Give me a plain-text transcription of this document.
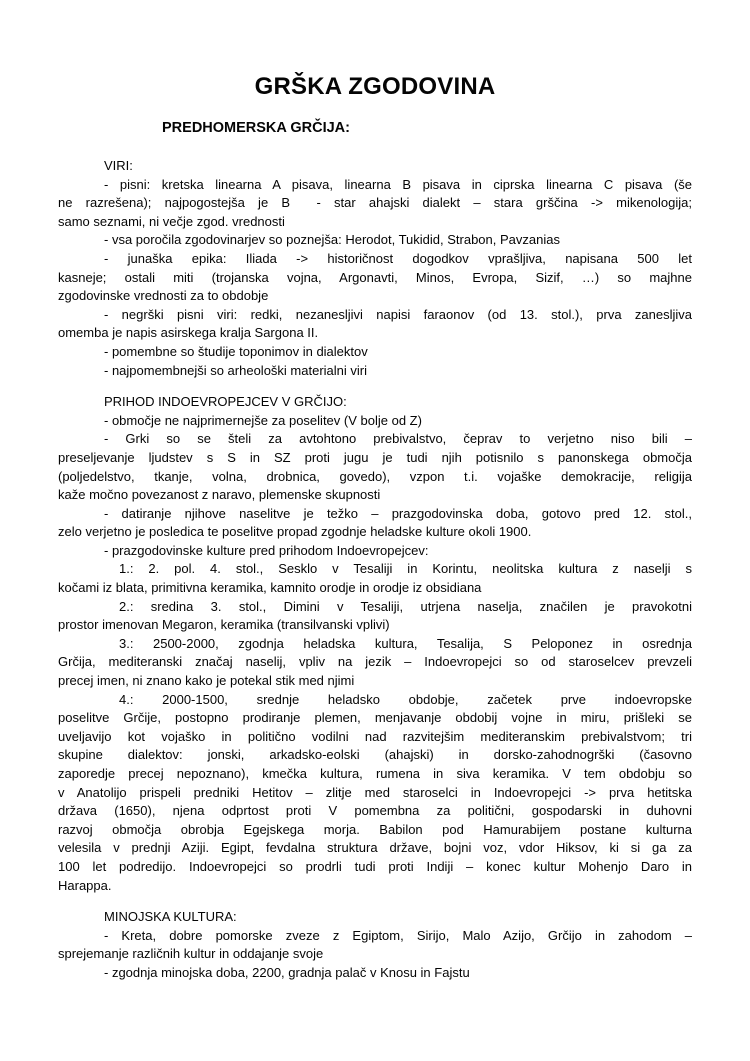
GRŠKA ZGODOVINA
PREDHOMERSKA GRČIJA:
VIRI:
- pisni: kretska linearna A pisava, linearna B pisava in ciprska linearna C pisava (še
ne razrešena); najpogostejša je B  - star ahajski dialekt – stara grščina -> mikenologija;
samo seznami, ni večje zgod. vrednosti
- vsa poročila zgodovinarjev so poznejša: Herodot, Tukidid, Strabon, Pavzanias
- junaška epika: Iliada -> historičnost dogodkov vprašljiva, napisana 500 let
kasneje; ostali miti (trojanska vojna, Argonavti, Minos, Evropa, Sizif, …) so majhne
zgodovinske vrednosti za to obdobje
- negrški pisni viri: redki, nezanesljivi napisi faraonov (od 13. stol.), prva zanesljiva
omemba je napis asirskega kralja Sargona II.
- pomembne so študije toponimov in dialektov
- najpomembnejši so arheološki materialni viri
PRIHOD INDOEVROPEJCEV V GRČIJO:
- območje ne najprimernejše za poselitev (V bolje od Z)
- Grki so se šteli za avtohtono prebivalstvo, čeprav to verjetno niso bili –
preseljevanje ljudstev s S in SZ proti jugu je tudi njih potisnilo s panonskega območja
(poljedelstvo, tkanje, volna, drobnica, govedo), vzpon t.i. vojaške demokracije, religija
kaže močno povezanost z naravo, plemenske skupnosti
- datiranje njihove naselitve je težko – prazgodovinska doba, gotovo pred 12. stol.,
zelo verjetno je posledica te poselitve propad zgodnje heladske kulture okoli 1900.
- prazgodovinske kulture pred prihodom Indoevropejcev:
1.: 2. pol. 4. stol., Sesklo v Tesaliji in Korintu, neolitska kultura z naselji s
kočami iz blata, primitivna keramika, kamnito orodje in orodje iz obsidiana
2.: sredina 3. stol., Dimini v Tesaliji, utrjena naselja, značilen je pravokotni
prostor imenovan Megaron, keramika (transilvanski vplivi)
3.: 2500-2000, zgodnja heladska kultura, Tesalija, S Peloponez in osrednja
Grčija, mediteranski značaj naselij, vpliv na jezik – Indoevropejci so od staroselcev prevzeli
precej imen, ni znano kako je potekal stik med njimi
4.: 2000-1500, srednje heladsko obdobje, začetek prve indoevropske
poselitve Grčije, postopno prodiranje plemen, menjavanje obdobij vojne in miru, prišleki se
uveljavijo kot vojaško in politično vodilni nad razvitejšim mediteranskim prebivalstvom; tri
skupine dialektov: jonski, arkadsko-eolski (ahajski) in dorsko-zahodnogrški (časovno
zaporedje precej nepoznano), kmečka kultura, rumena in siva keramika. V tem obdobju so
v Anatolijo prispeli predniki Hetitov – zlitje med staroselci in Indoevropejci -> prva hetitska
država (1650), njena odprtost proti V pomembna za politični, gospodarski in duhovni
razvoj območja obrobja Egejskega morja. Babilon pod Hamurabijem postane kulturna
velesila v prednji Aziji. Egipt, fevdalna struktura države, bojni voz, vdor Hiksov, ki si ga za
100 let podredijo. Indoevropejci so prodrli tudi proti Indiji – konec kultur Mohenjo Daro in
Harappa.
MINOJSKA KULTURA:
- Kreta, dobre pomorske zveze z Egiptom, Sirijo, Malo Azijo, Grčijo in zahodom –
sprejemanje različnih kultur in oddajanje svoje
- zgodnja minojska doba, 2200, gradnja palač v Knosu in Fajstu
